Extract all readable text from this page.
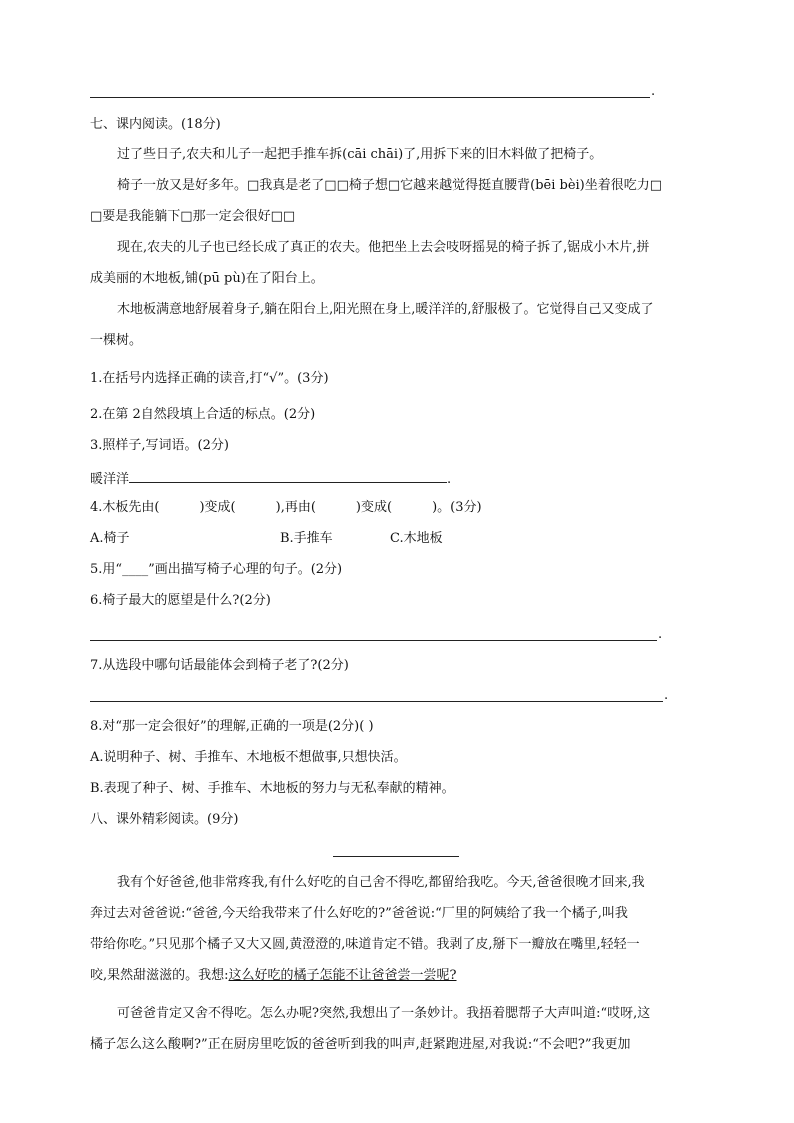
.
七、课内阅读。(18分)
过了些日子,农夫和儿子一起把手推车拆(cāi chāi)了,用拆下来的旧木料做了把椅子。
椅子一放又是好多年。□我真是老了□□椅子想□它越来越觉得挺直腰背(bēi bèi)坐着很吃力□
□要是我能躺下□那一定会很好□□
现在,农夫的儿子也已经长成了真正的农夫。他把坐上去会吱呀摇晃的椅子拆了,锯成小木片,拼
成美丽的木地板,铺(pū pù)在了阳台上。
木地板满意地舒展着身子,躺在阳台上,阳光照在身上,暖洋洋的,舒服极了。它觉得自己又变成了
一棵树。
1.在括号内选择正确的读音,打“√”。(3分)
2.在第 2自然段填上合适的标点。(2分)
3.照样子,写词语。(2分)
暖洋洋	.
4.木板先由(	)变成(	),再由(	)变成(	)。(3分)
A.椅子	B.手推车	C.木地板
5.用“____”画出描写椅子心理的句子。(2分)
6.椅子最大的愿望是什么?(2分)
.
7.从选段中哪句话最能体会到椅子老了?(2分)
.
8.对“那一定会很好”的理解,正确的一项是(2分)( )
A.说明种子、树、手推车、木地板不想做事,只想快活。
B.表现了种子、树、手推车、木地板的努力与无私奉献的精神。
八、课外精彩阅读。(9分)
我有个好爸爸,他非常疼我,有什么好吃的自己舍不得吃,都留给我吃。今天,爸爸很晚才回来,我
奔过去对爸爸说:“爸爸,今天给我带来了什么好吃的?”爸爸说:“厂里的阿姨给了我一个橘子,叫我
带给你吃。”只见那个橘子又大又圆,黄澄澄的,味道肯定不错。我剥了皮,掰下一瓣放在嘴里,轻轻一
咬,果然甜滋滋的。我想:这么好吃的橘子怎能不让爸爸尝一尝呢?
可爸爸肯定又舍不得吃。怎么办呢?突然,我想出了一条妙计。我捂着腮帮子大声叫道:“哎呀,这
橘子怎么这么酸啊?”正在厨房里吃饭的爸爸听到我的叫声,赶紧跑进屋,对我说:“不会吧?”我更加
